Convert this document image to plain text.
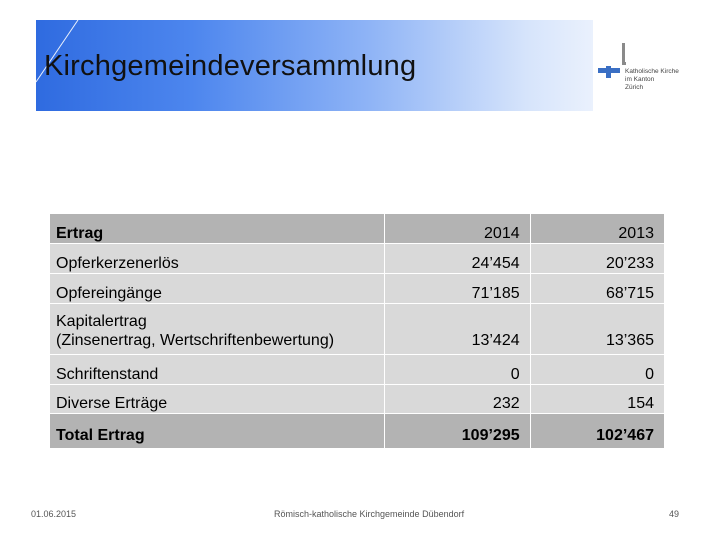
Kirchgemeindeversammlung	Katholische Kirche
im Kanton
Zürich
Ertrag	2014	2013
Opferkerzenerlös	24’454	20’233
Opfereingänge	71’185	68’715

Kapitalertrag
(Zinsenertrag, Wertschriftenbewertung)	13’424	13’365
Schriftenstand	0	0
Diverse Erträge	232	154
Total Ertrag	109’295	102’467
01.06.2015	Römisch-katholische Kirchgemeinde Dübendorf	49
